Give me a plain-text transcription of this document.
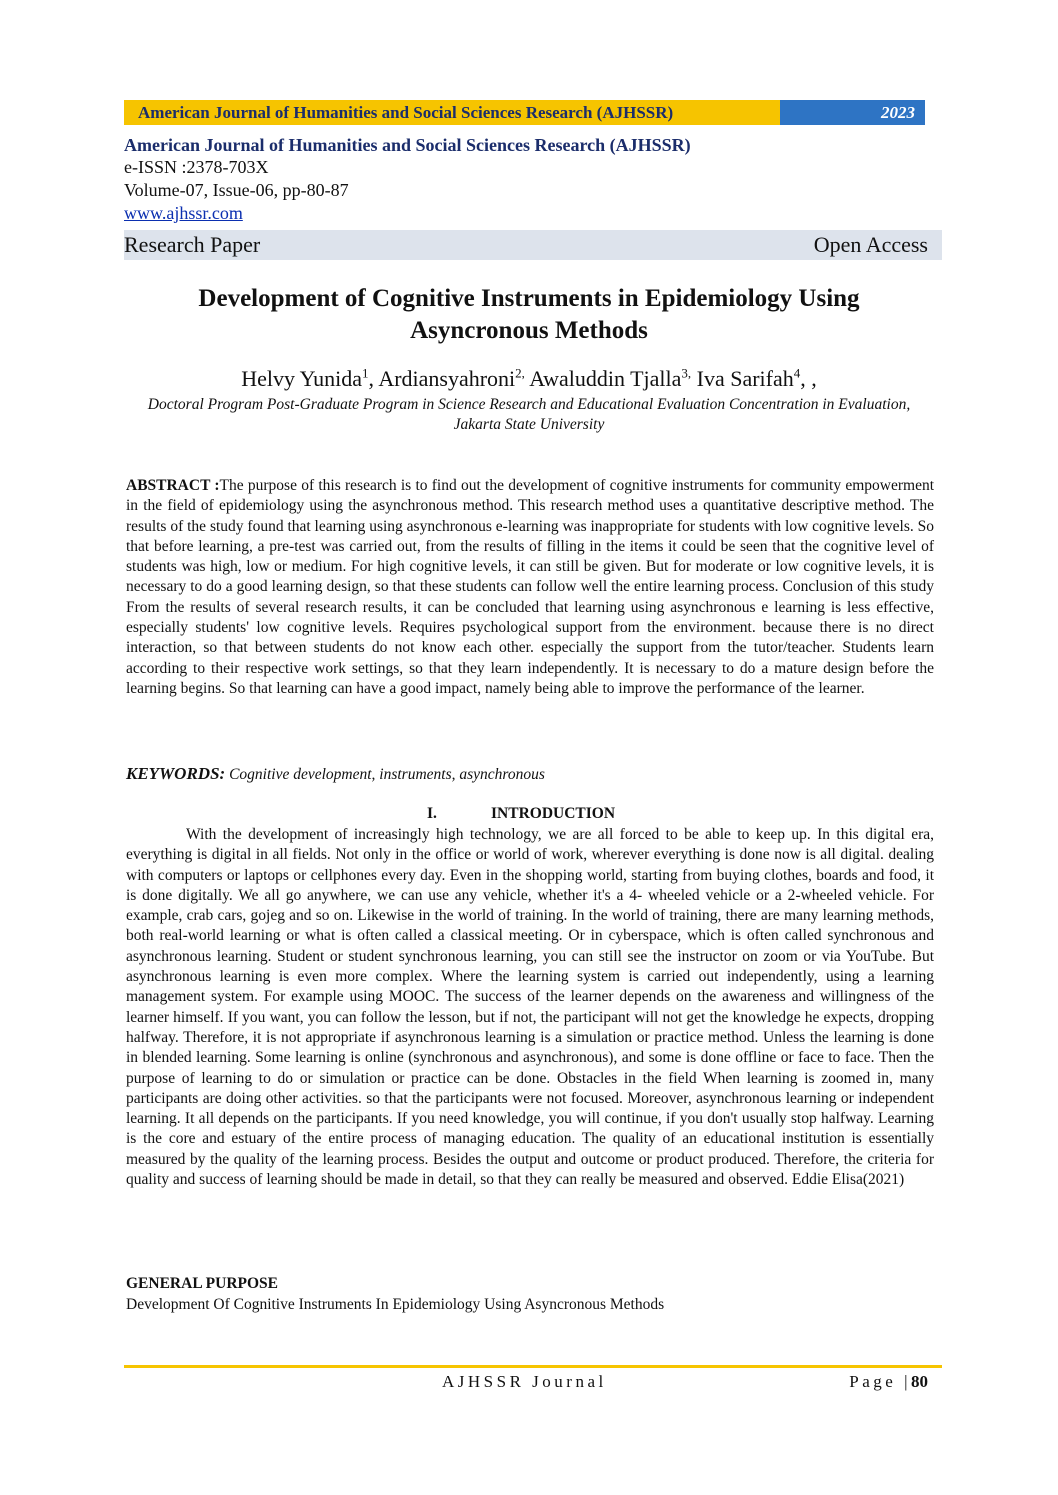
American Journal of Humanities and Social Sciences Research (AJHSSR)	2023
American Journal of Humanities and Social Sciences Research (AJHSSR)
e-ISSN :2378-703X
Volume-07, Issue-06, pp-80-87
www.ajhssr.com
Research Paper	Open Access
Development of Cognitive Instruments in Epidemiology Using
Asyncronous Methods
Helvy Yunida$^1$, Ardiansyahroni$^{2,}$ Awaluddin Tjalla$^{3,}$ Iva Sarifah$^4$, ,
Doctoral Program Post-Graduate Program in Science Research and Educational Evaluation Concentration in Evaluation, Jakarta State University
ABSTRACT :The purpose of this research is to find out the development of cognitive instruments for community empowerment in the field of epidemiology using the asynchronous method. This research method uses a quantitative descriptive method. The results of the study found that learning using asynchronous e-learning was inappropriate for students with low cognitive levels. So that before learning, a pre-test was carried out, from the results of filling in the items it could be seen that the cognitive level of students was high, low or medium. For high cognitive levels, it can still be given. But for moderate or low cognitive levels, it is necessary to do a good learning design, so that these students can follow well the entire learning process. Conclusion of this study From the results of several research results, it can be concluded that learning using asynchronous e learning is less effective, especially students' low cognitive levels. Requires psychological support from the environment. because there is no direct interaction, so that between students do not know each other. especially the support from the tutor/teacher. Students learn according to their respective work settings, so that they learn independently. It is necessary to do a mature design before the learning begins. So that learning can have a good impact, namely being able to improve the performance of the learner.
KEYWORDS: Cognitive development, instruments, asynchronous
I.	INTRODUCTION
With the development of increasingly high technology, we are all forced to be able to keep up. In this digital era, everything is digital in all fields. Not only in the office or world of work, wherever everything is done now is all digital. dealing with computers or laptops or cellphones every day. Even in the shopping world, starting from buying clothes, boards and food, it is done digitally. We all go anywhere, we can use any vehicle, whether it's a 4- wheeled vehicle or a 2-wheeled vehicle. For example, crab cars, gojeg and so on. Likewise in the world of training. In the world of training, there are many learning methods, both real-world learning or what is often called a classical meeting. Or in cyberspace, which is often called synchronous and asynchronous learning. Student or student synchronous learning, you can still see the instructor on zoom or via YouTube. But asynchronous learning is even more complex. Where the learning system is carried out independently, using a learning management system. For example using MOOC. The success of the learner depends on the awareness and willingness of the learner himself. If you want, you can follow the lesson, but if not, the participant will not get the knowledge he expects, dropping halfway. Therefore, it is not appropriate if asynchronous learning is a simulation or practice method. Unless the learning is done in blended learning. Some learning is online (synchronous and asynchronous), and some is done offline or face to face. Then the purpose of learning to do or simulation or practice can be done. Obstacles in the field When learning is zoomed in, many participants are doing other activities. so that the participants were not focused. Moreover, asynchronous learning or independent learning. It all depends on the participants. If you need knowledge, you will continue, if you don't usually stop halfway. Learning is the core and estuary of the entire process of managing education. The quality of an educational institution is essentially measured by the quality of the learning process. Besides the output and outcome or product produced. Therefore, the criteria for quality and success of learning should be made in detail, so that they can really be measured and observed. Eddie Elisa(2021)
GENERAL PURPOSE
Development Of Cognitive Instruments In Epidemiology Using Asyncronous Methods
AJHSSR Journal	Page |80
